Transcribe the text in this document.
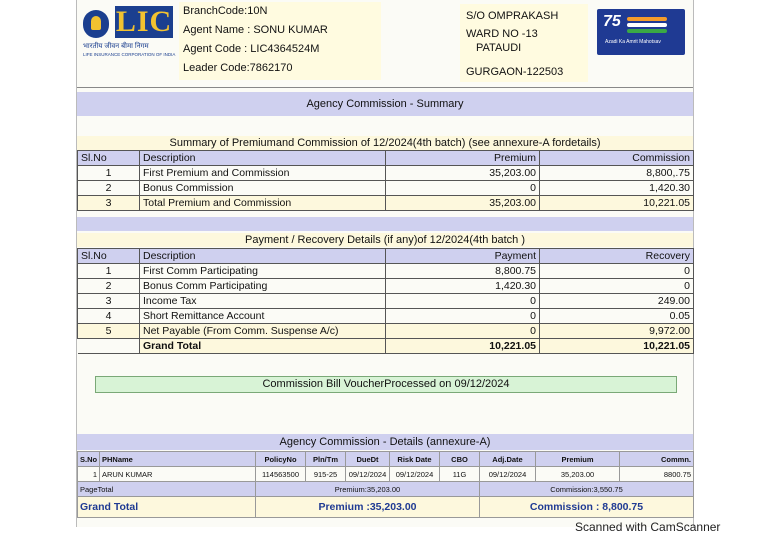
LIC
भारतीय जीवन बीमा निगम
LIFE INSURANCE CORPORATION OF INDIA
BranchCode:10N
Agent Name : SONU KUMAR
Agent Code : LIC4364524M
Leader Code:7862170
S/O OMPRAKASH
WARD NO -13
PATAUDI
GURGAON-122503
75
Azadi Ka Amrit Mahotsav
Agency Commission - Summary
Summary of Premiumand Commission of 12/2024(4th batch) (see annexure-A fordetails)
Sl.No	Description	Premium	Commission
1	First Premium and Commission	35,203.00	8,800,.75
2	Bonus Commission	0	1,420.30
3	Total Premium and Commission	35,203.00	10,221.05
Payment / Recovery Details (if any)of 12/2024(4th batch )
Sl.No	Description	Payment	Recovery
1	First Comm Participating	8,800.75	0
2	Bonus Comm Participating	1,420.30	0
3	Income Tax	0	249.00
4	Short Remittance Account	0	0.05
5	Net Payable (From Comm. Suspense A/c)	0	9,972.00
	Grand Total	10,221.05	10,221.05
Commission Bill VoucherProcessed on 09/12/2024
Agency Commission - Details (annexure-A)
S.No	PHName	PolicyNo	Pln/Tm	DueDt	Risk Date	CBO	Adj.Date	Premium	Commn.
1	ARUN KUMAR	114563500	915-25	09/12/2024	09/12/2024	11G	09/12/2024	35,203.00	8800.75
PageTotal		Premium:35,203.00					Commission:3,550.75		
Grand Total		Premium :35,203.00					Commission : 8,800.75		
Scanned with CamScanner
